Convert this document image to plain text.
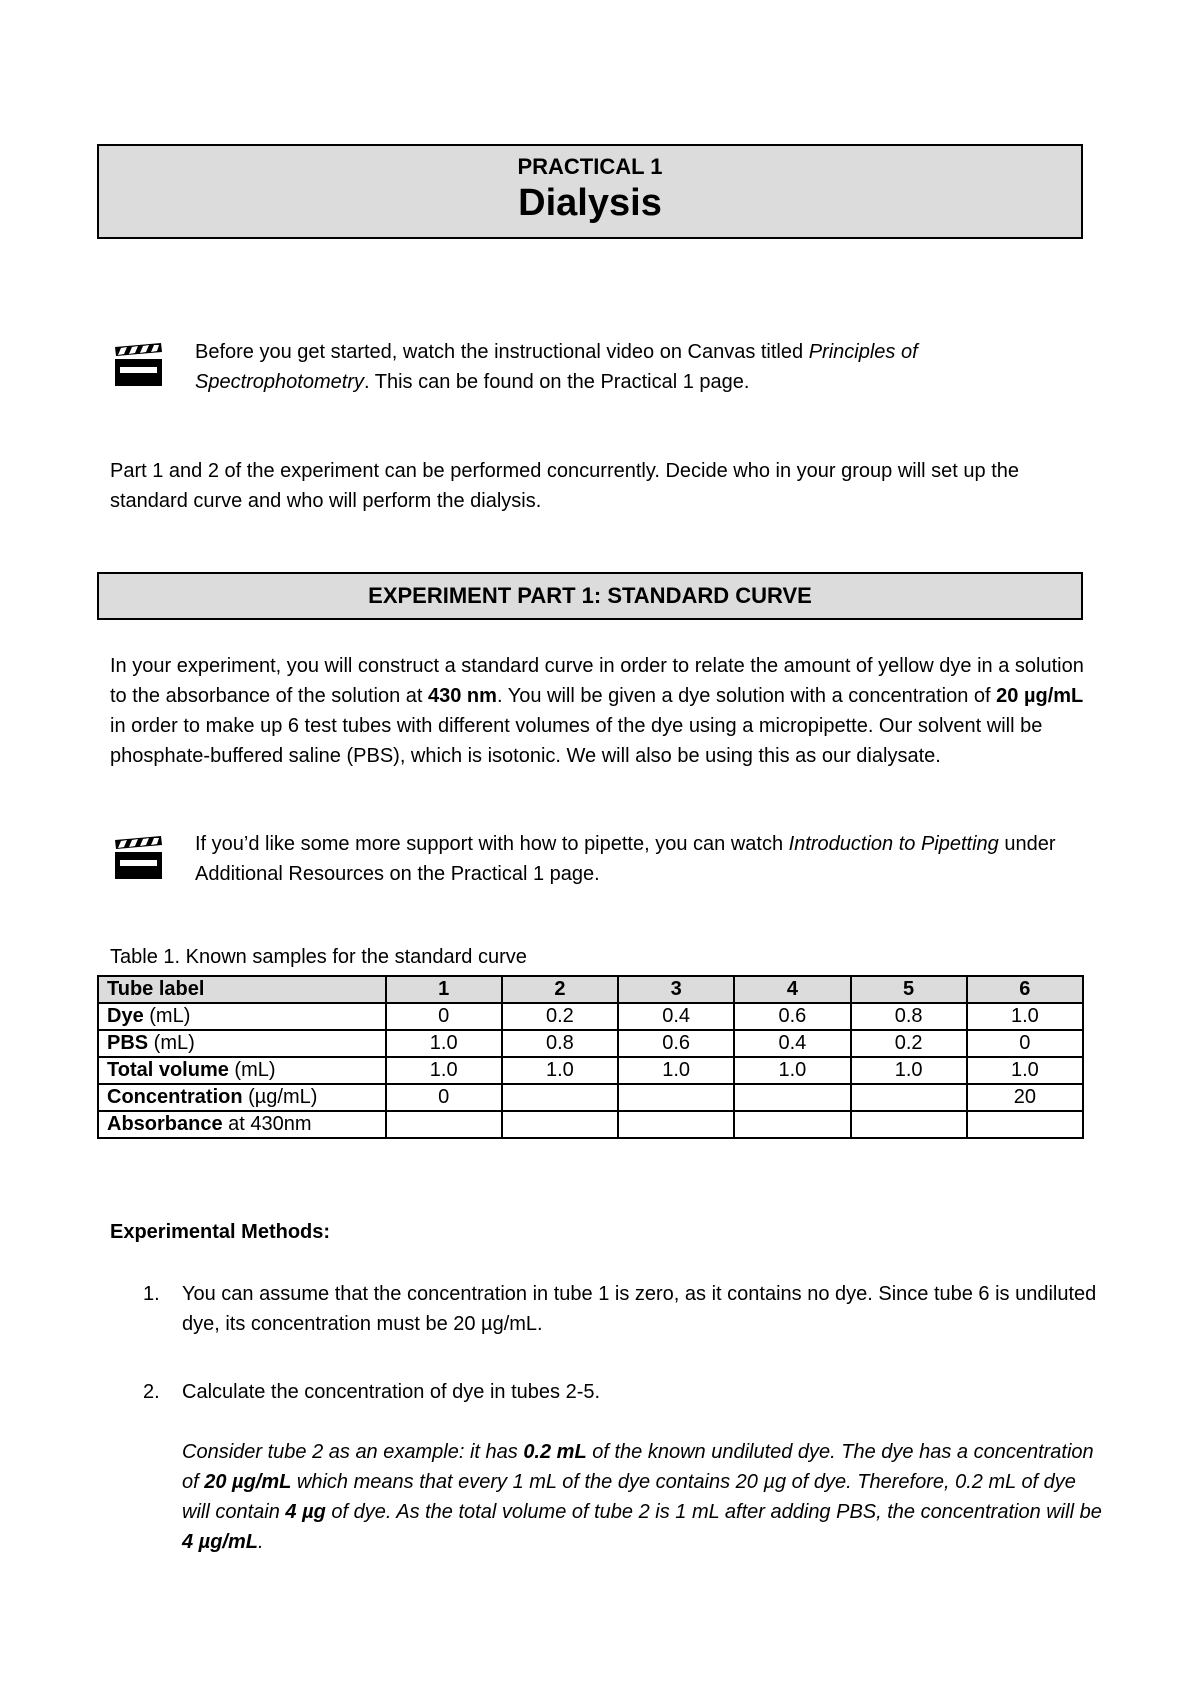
PRACTICAL 1
Dialysis
Before you get started, watch the instructional video on Canvas titled Principles of Spectrophotometry. This can be found on the Practical 1 page.
Part 1 and 2 of the experiment can be performed concurrently. Decide who in your group will set up the standard curve and who will perform the dialysis.
EXPERIMENT PART 1: STANDARD CURVE
In your experiment, you will construct a standard curve in order to relate the amount of yellow dye in a solution to the absorbance of the solution at 430 nm. You will be given a dye solution with a concentration of 20 µg/mL in order to make up 6 test tubes with different volumes of the dye using a micropipette. Our solvent will be phosphate-buffered saline (PBS), which is isotonic. We will also be using this as our dialysate.
If you’d like some more support with how to pipette, you can watch Introduction to Pipetting under Additional Resources on the Practical 1 page.
Table 1. Known samples for the standard curve
Tube label	1	2	3	4	5	6
Dye (mL)	0	0.2	0.4	0.6	0.8	1.0
PBS (mL)	1.0	0.8	0.6	0.4	0.2	0
Total volume (mL)	1.0	1.0	1.0	1.0	1.0	1.0
Concentration (µg/mL)	0					20
Absorbance at 430nm						
Experimental Methods:
1. You can assume that the concentration in tube 1 is zero, as it contains no dye. Since tube 6 is undiluted dye, its concentration must be 20 µg/mL.
2. Calculate the concentration of dye in tubes 2-5.
Consider tube 2 as an example: it has 0.2 mL of the known undiluted dye. The dye has a concentration of 20 µg/mL which means that every 1 mL of the dye contains 20 µg of dye. Therefore, 0.2 mL of dye will contain 4 µg of dye. As the total volume of tube 2 is 1 mL after adding PBS, the concentration will be 4 µg/mL.
